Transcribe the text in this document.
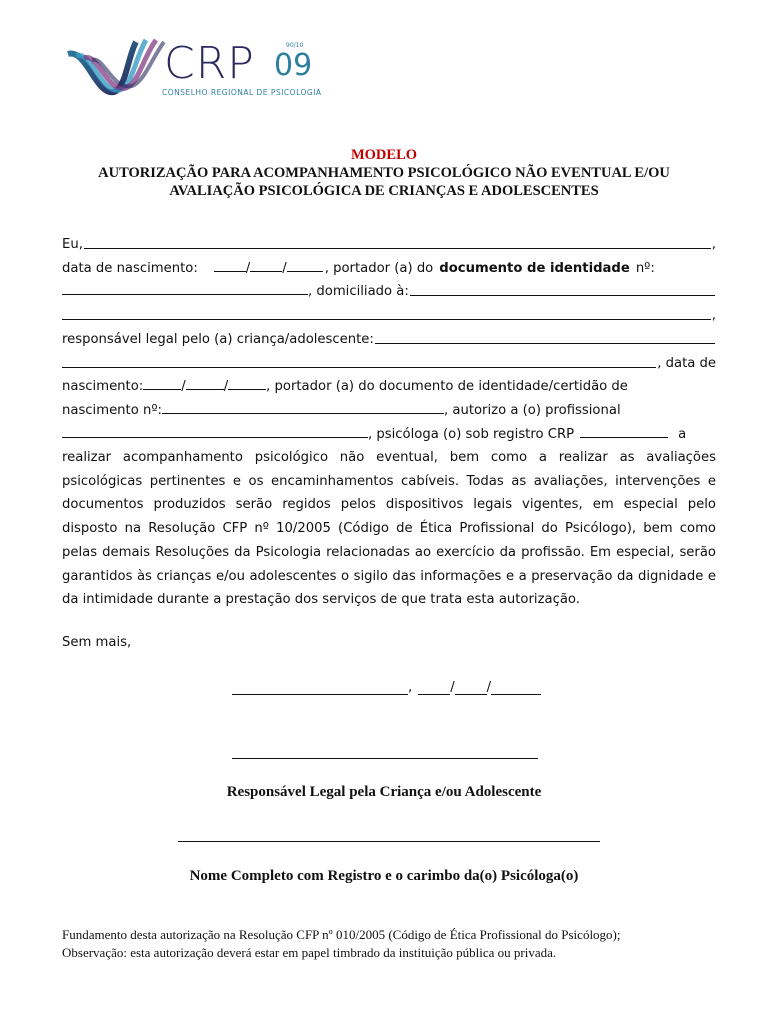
CRP	90/10
09
CONSELHO REGIONAL DE PSICOLOGIA
MODELO
AUTORIZAÇÃO PARA ACOMPANHAMENTO PSICOLÓGICO NÃO EVENTUAL E/OU
AVALIAÇÃO PSICOLÓGICA DE CRIANÇAS E ADOLESCENTES
Eu,	,
data de nascimento:	/ /	, portador (a) do documento de identidade nº:
, domiciliado à:
,
responsável legal pelo (a) criança/adolescente:
, data de
nascimento:	/	/	, portador (a) do documento de identidade/certidão de
nascimento nº:	, autorizo a (o) profissional
, psicóloga (o) sob registro CRP	a
realizar acompanhamento psicológico não eventual, bem como a realizar as avaliações psicológicas pertinentes e os encaminhamentos cabíveis. Todas as avaliações, intervenções e documentos produzidos serão regidos pelos dispositivos legais vigentes, em especial pelo disposto na Resolução CFP nº 10/2005 (Código de Ética Profissional do Psicólogo), bem como pelas demais Resoluções da Psicologia relacionadas ao exercício da profissão. Em especial, serão garantidos às crianças e/ou adolescentes o sigilo das informações e a preservação da dignidade e da intimidade durante a prestação dos serviços de que trata esta autorização.
Sem mais,
,	/ /
Responsável Legal pela Criança e/ou Adolescente
Nome Completo com Registro e o carimbo da(o) Psicóloga(o)
Fundamento desta autorização na Resolução CFP nº 010/2005 (Código de Ética Profissional do Psicólogo);
Observação: esta autorização deverá estar em papel timbrado da instituição pública ou privada.
